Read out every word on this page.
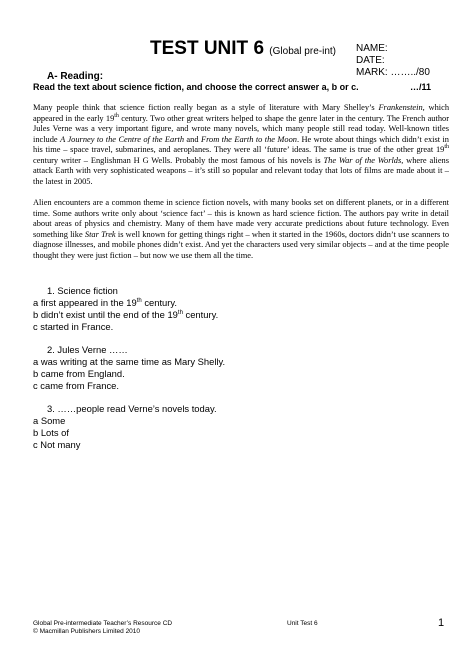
TEST UNIT 6 (Global pre-int) NAME:
DATE:
MARK: ……../80
A- Reading:
Read the text about science fiction, and choose the correct answer a, b or c.	…/11
Many people think that science fiction really began as a style of literature with Mary Shelley’s Frankenstein, which appeared in the early 19th century. Two other great writers helped to shape the genre later in the century. The French author Jules Verne was a very important figure, and wrote many novels, which many people still read today. Well-known titles include A Journey to the Centre of the Earth and From the Earth to the Moon. He wrote about things which didn’t exist in his time – space travel, submarines, and aeroplanes. They were all ‘future’ ideas. The same is true of the other great 19th century writer – Englishman H G Wells. Probably the most famous of his novels is The War of the Worlds, where aliens attack Earth with very sophisticated weapons – it’s still so popular and relevant today that lots of films are made about it – the latest in 2005.
Alien encounters are a common theme in science fiction novels, with many books set on different planets, or in a different time. Some authors write only about ‘science fact’ – this is known as hard science fiction. The authors pay write in detail about areas of physics and chemistry. Many of them have made very accurate predictions about future technology. Even something like Star Trek is well known for getting things right – when it started in the 1960s, doctors didn’t use scanners to diagnose illnesses, and mobile phones didn’t exist. And yet the characters used very similar objects – and at the time people thought they were just fiction – but now we use them all the time.
1. Science fiction
a first appeared in the 19th century.
b didn’t exist until the end of the 19th century.
c started in France.
2. Jules Verne ……
a was writing at the same time as Mary Shelly.
b came from England.
c came from France.
3. ……people read Verne’s novels today.
a Some
b Lots of
c Not many
Global Pre-intermediate Teacher’s Resource CD
© Macmillan Publishers Limited 2010
Unit Test 6	1
